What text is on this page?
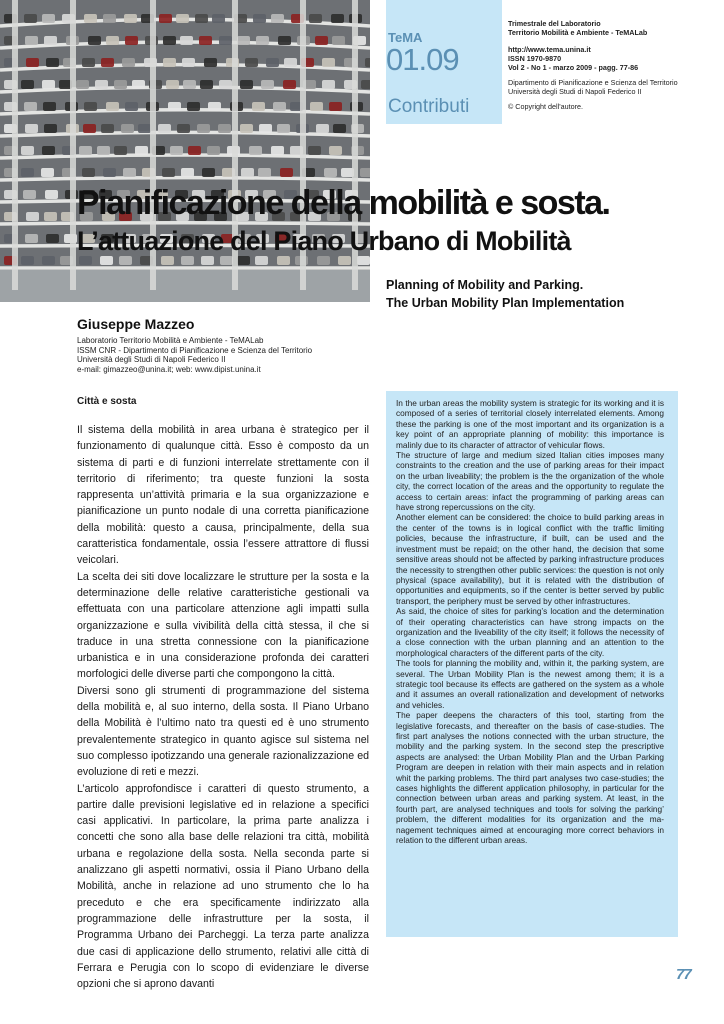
TeMA
01.09
Contributi
Trimestrale del Laboratorio
Territorio Mobilità e Ambiente - TeMALab
http://www.tema.unina.it
ISSN 1970-9870
Vol 2 - No 1 - marzo 2009 - pagg. 77-86
Dipartimento di Pianificazione e Scienza del Territorio
Università degli Studi di Napoli Federico II
© Copyright dell'autore.
Pianificazione della mobilità e sosta.
L’attuazione del Piano Urbano di Mobilità
Planning of Mobility and Parking.
The Urban Mobility Plan Implementation
Giuseppe Mazzeo
Laboratorio Territorio Mobilità e Ambiente - TeMALab
ISSM CNR - Dipartimento di Pianificazione e Scienza del Territorio
Università degli Studi di Napoli Federico II
e-mail: gimazzeo@unina.it; web: www.dipist.unina.it
Città e sosta

Il sistema della mobilità in area urbana è strategico per il funzionamento di qualunque città. Esso è composto da un sistema di parti e di funzioni interrelate strettamente con il territorio di riferimento; tra queste funzioni la sosta rappresenta un’attività primaria e la sua organizzazione e pianificazione un punto nodale di una corretta pianificazione della mobilità: questo a causa, principalmente, della sua caratteristica fondamentale, ossia l’essere attrattore di flussi veicolari.

La scelta dei siti dove localizzare le strutture per la sosta e la determinazione delle relative caratteristiche gestionali va effettuata con una particolare attenzione agli impatti sulla organizzazione e sulla vivibilità della città stessa, il che si traduce in una stretta connessione con la pianificazione urbanistica e in una considerazione profonda dei caratteri morfologici delle diverse parti che compongono la città.

Diversi sono gli strumenti di programmazione del sistema della mobilità e, al suo interno, della sosta. Il Piano Urbano della Mobilità è l’ultimo nato tra questi ed è uno strumento prevalentemente strategico in quanto agisce sul sistema nel suo complesso ipotizzando una generale razionalizzazione ed evoluzione di reti e mezzi.

L’articolo approfondisce i caratteri di questo strumento, a partire dalle previsioni legislative ed in relazione a specifici casi applicativi. In particolare, la prima parte analizza i concetti che sono alla base delle relazioni tra città, mobilità urbana e regolazione della sosta. Nella seconda parte si analizzano gli aspetti normativi, ossia il Piano Urbano della Mobilità, anche in relazione ad uno strumento che lo ha preceduto e che era specificamente indirizzato alla programmazione delle infrastrutture per la sosta, il Programma Urbano dei Parcheggi. La terza parte analizza due casi di applicazione dello strumento, relativi alle città di Ferrara e Perugia con lo scopo di evidenziare le diverse opzioni che si aprono davanti

In the urban areas the mobility system is strategic for its working and it is composed of a series of territorial closely interrelated elements. Among these the parking is one of the most important and its organization is a key point of an appropriate planning of mobility: this importance is malinly due to its character of attractor of vehicular flows.

The structure of large and medium sized Italian cities imposes many constraints to the creation and the use of parking areas for their impact on the urban liveability; the problem is the the organization of the whole city, the correct location of the areas and the opportunity to regulate the access to certain areas: infact the programming of parking areas can have strong repercussions on the city.

Another element can be considered: the choice to build parking areas in the center of the towns is in logical conflict with the traffic limiting policies, because the infrastructure, if built, can be used and the investment must be repaid; on the other hand, the decision that some sensitive areas should not be affected by parking infrastructure produces the necessity to strengthen other public services: the question is not only physical (space availability), but it is related with the distribution of opportunities and equipments, so if the center is better served by public transport, the periphery must be served by other infrastructures.

As said, the choice of sites for parking’s location and the determination of their operating characteristics can have strong impacts on the organization and the liveability of the city itself; it follows the necessity of a close connection with the urban planning and an attention to the morphological characters of the different parts of the city.

The tools for planning the mobility and, within it, the parking system, are several. The Urban Mobility Plan is the newest among them; it is a strategic tool because its effects are gathered on the system as a whole and it assumes an overall rationalization and development of networks and vehicles.

The paper deepens the characters of this tool, starting from the legislative forecasts, and thereafter on the basis of case-studies. The first part analyses the notions connected with the urban structure, the mobility and the parking system. In the second step the prescriptive aspects are analysed: the Urban Mobility Plan and the Urban Parking Program are deepen in relation with their main aspects and in relation whit the parking problems. The third part analyses two case-studies; the cases highlights the different application philosophy, in particular for the connection between urban areas and parking system. At least, in the fourth part, are analysed techniques and tools for solving the parking’ problem, the different modalities for its organization and the ma-nagement techniques aimed at encouraging more correct behaviors in relation to the different urban areas.

77
